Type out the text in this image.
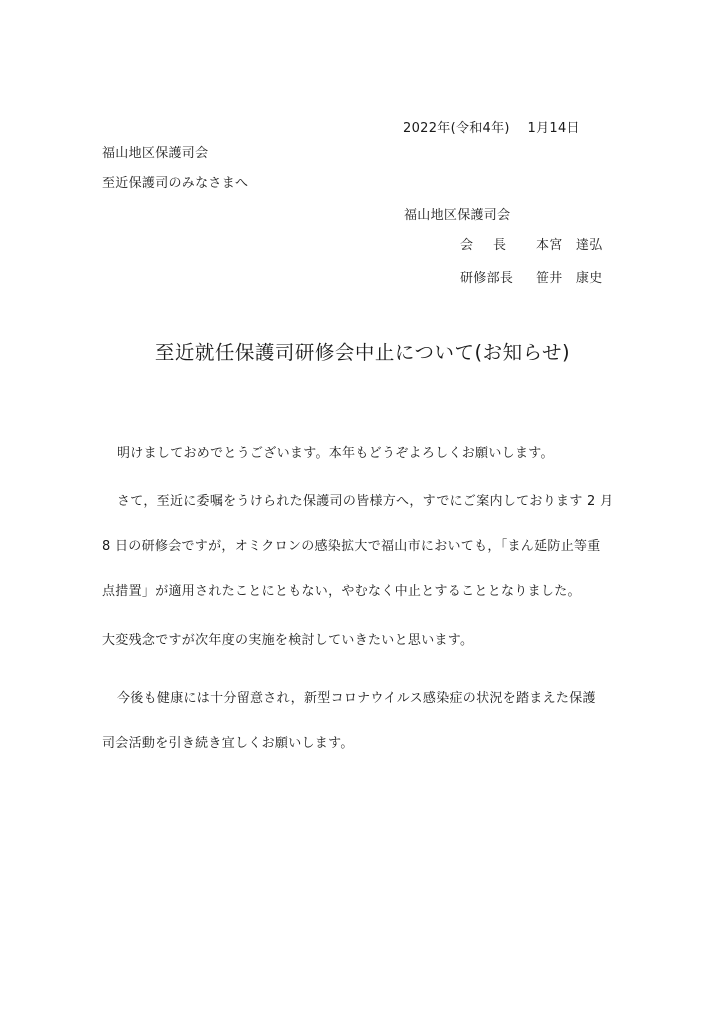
2022年(令和4年)　 1月14日
福山地区保護司会
至近保護司のみなさまへ
福山地区保護司会
会長 本宮　達弘
研修部長 笹井　康史
至近就任保護司研修会中止について(お知らせ)
明けましておめでとうございます。本年もどうぞよろしくお願いします。
さて，至近に委嘱をうけられた保護司の皆様方へ，すでにご案内しております 2 月
8 日の研修会ですが，オミクロンの感染拡大で福山市においても，「まん延防止等重
点措置」が適用されたことにともない，やむなく中止とすることとなりました。
大変残念ですが次年度の実施を検討していきたいと思います。
今後も健康には十分留意され，新型コロナウイルス感染症の状況を踏まえた保護
司会活動を引き続き宜しくお願いします。
